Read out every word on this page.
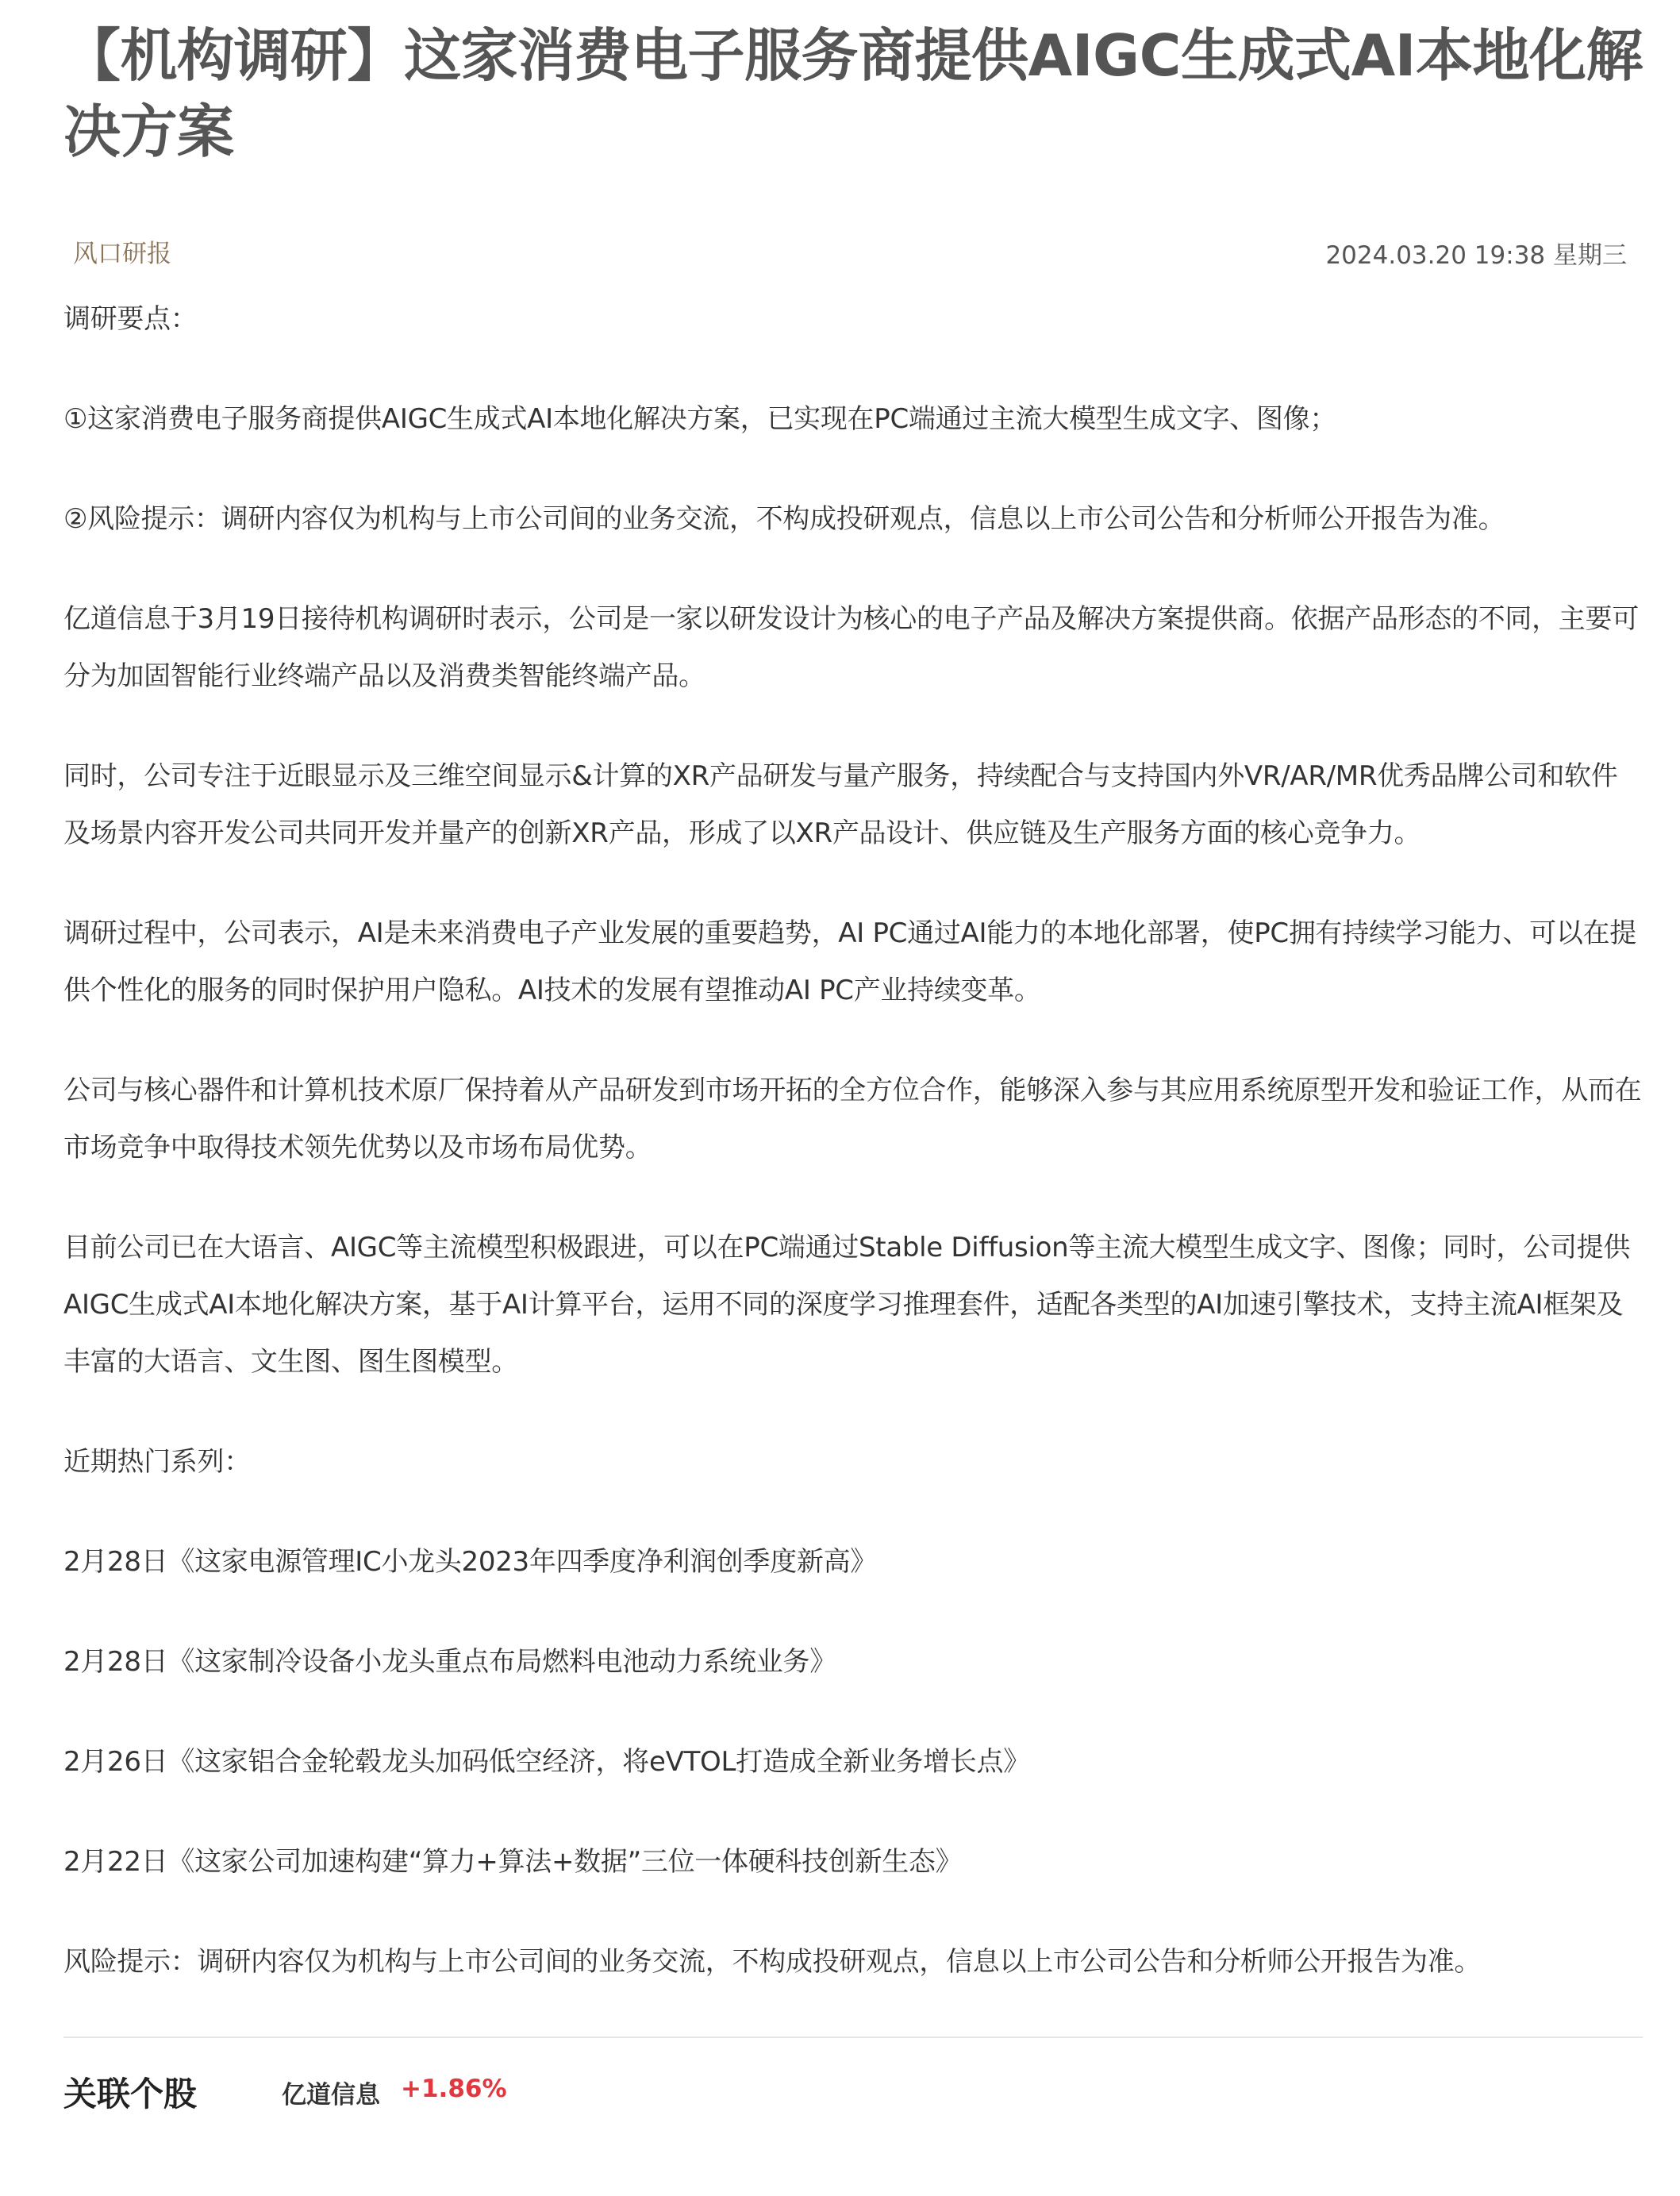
【机构调研】这家消费电子服务商提供AIGC生成式AI本地化解决方案
风口研报	2024.03.20 19:38 星期三

调研要点：

①这家消费电子服务商提供AIGC生成式AI本地化解决方案，已实现在PC端通过主流大模型生成文字、图像；

②风险提示：调研内容仅为机构与上市公司间的业务交流，不构成投研观点，信息以上市公司公告和分析师公开报告为准。

亿道信息于3月19日接待机构调研时表示，公司是一家以研发设计为核心的电子产品及解决方案提供商。依据产品形态的不同，主要可分为加固智能行业终端产品以及消费类智能终端产品。

同时，公司专注于近眼显示及三维空间显示&计算的XR产品研发与量产服务，持续配合与支持国内外VR/AR/MR优秀品牌公司和软件及场景内容开发公司共同开发并量产的创新XR产品，形成了以XR产品设计、供应链及生产服务方面的核心竞争力。

调研过程中，公司表示，AI是未来消费电子产业发展的重要趋势，AI PC通过AI能力的本地化部署，使PC拥有持续学习能力、可以在提供个性化的服务的同时保护用户隐私。AI技术的发展有望推动AI PC产业持续变革。

公司与核心器件和计算机技术原厂保持着从产品研发到市场开拓的全方位合作，能够深入参与其应用系统原型开发和验证工作，从而在市场竞争中取得技术领先优势以及市场布局优势。

目前公司已在大语言、AIGC等主流模型积极跟进，可以在PC端通过Stable Diffusion等主流大模型生成文字、图像；同时，公司提供AIGC生成式AI本地化解决方案，基于AI计算平台，运用不同的深度学习推理套件，适配各类型的AI加速引擎技术，支持主流AI框架及丰富的大语言、文生图、图生图模型。

近期热门系列：

2月28日《这家电源管理IC小龙头2023年四季度净利润创季度新高》

2月28日《这家制冷设备小龙头重点布局燃料电池动力系统业务》

2月26日《这家铝合金轮毂龙头加码低空经济，将eVTOL打造成全新业务增长点》

2月22日《这家公司加速构建“算力+算法+数据”三位一体硬科技创新生态》

风险提示：调研内容仅为机构与上市公司间的业务交流，不构成投研观点，信息以上市公司公告和分析师公开报告为准。

关联个股	亿道信息 +1.86%
